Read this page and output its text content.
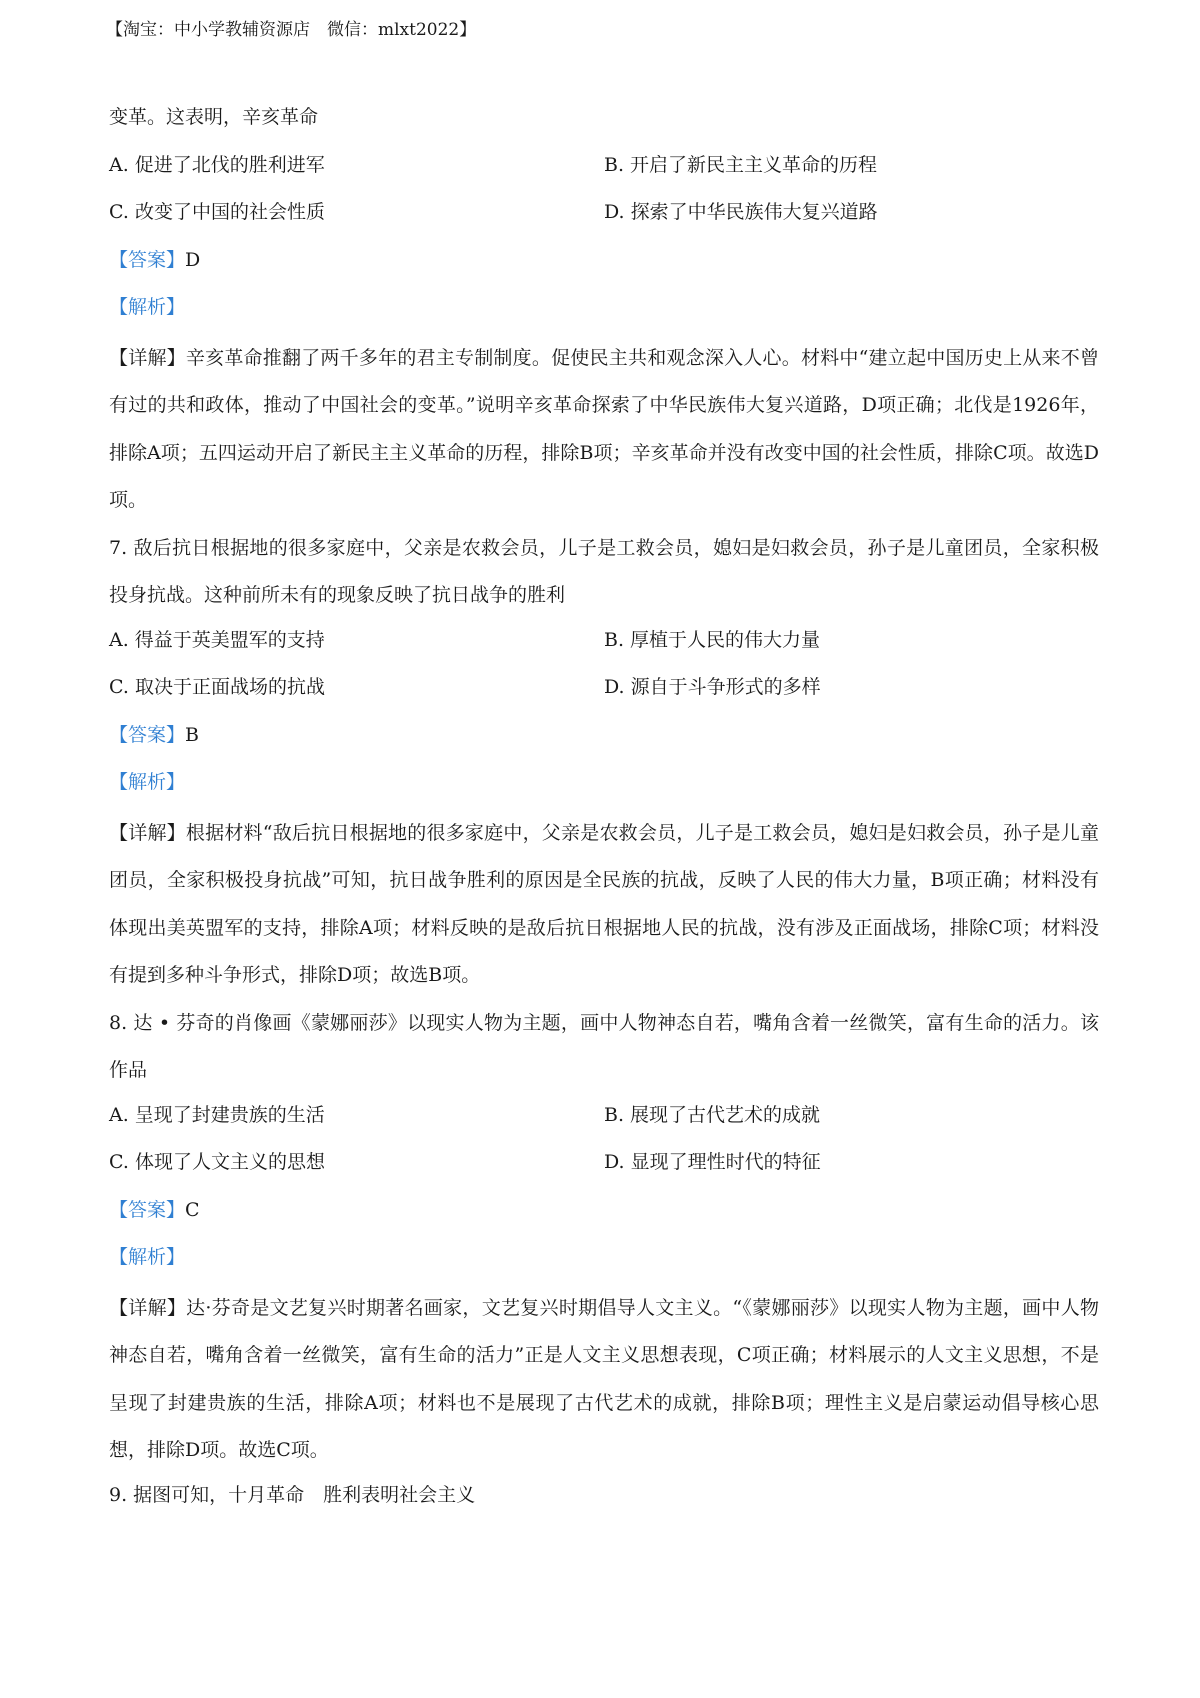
【淘宝：中小学教辅资源店　微信：mlxt2022】
变革。这表明，辛亥革命
A. 促进了北伐的胜利进军	B. 开启了新民主主义革命的历程
C. 改变了中国的社会性质	D. 探索了中华民族伟大复兴道路
【答案】D
【解析】
【详解】辛亥革命推翻了两千多年的君主专制制度。促使民主共和观念深入人心。材料中“建立起中国历史上从来不曾有过的共和政体，推动了中国社会的变革。”说明辛亥革命探索了中华民族伟大复兴道路，D项正确；北伐是1926年，排除A项；五四运动开启了新民主主义革命的历程，排除B项；辛亥革命并没有改变中国的社会性质，排除C项。故选D项。
7. 敌后抗日根据地的很多家庭中，父亲是农救会员，儿子是工救会员，媳妇是妇救会员，孙子是儿童团员，全家积极投身抗战。这种前所未有的现象反映了抗日战争的胜利
A. 得益于英美盟军的支持	B. 厚植于人民的伟大力量
C. 取决于正面战场的抗战	D. 源自于斗争形式的多样
【答案】B
【解析】
【详解】根据材料“敌后抗日根据地的很多家庭中，父亲是农救会员，儿子是工救会员，媳妇是妇救会员，孙子是儿童团员，全家积极投身抗战”可知，抗日战争胜利的原因是全民族的抗战，反映了人民的伟大力量，B项正确；材料没有体现出美英盟军的支持，排除A项；材料反映的是敌后抗日根据地人民的抗战，没有涉及正面战场，排除C项；材料没有提到多种斗争形式，排除D项；故选B项。
8. 达 • 芬奇的肖像画《蒙娜丽莎》以现实人物为主题，画中人物神态自若，嘴角含着一丝微笑，富有生命的活力。该作品
A. 呈现了封建贵族的生活	B. 展现了古代艺术的成就
C. 体现了人文主义的思想	D. 显现了理性时代的特征
【答案】C
【解析】
【详解】达·芬奇是文艺复兴时期著名画家，文艺复兴时期倡导人文主义。“《蒙娜丽莎》以现实人物为主题，画中人物神态自若，嘴角含着一丝微笑，富有生命的活力”正是人文主义思想表现，C项正确；材料展示的人文主义思想，不是呈现了封建贵族的生活，排除A项；材料也不是展现了古代艺术的成就，排除B项；理性主义是启蒙运动倡导核心思想，排除D项。故选C项。
9. 据图可知，十月革命　胜利表明社会主义
